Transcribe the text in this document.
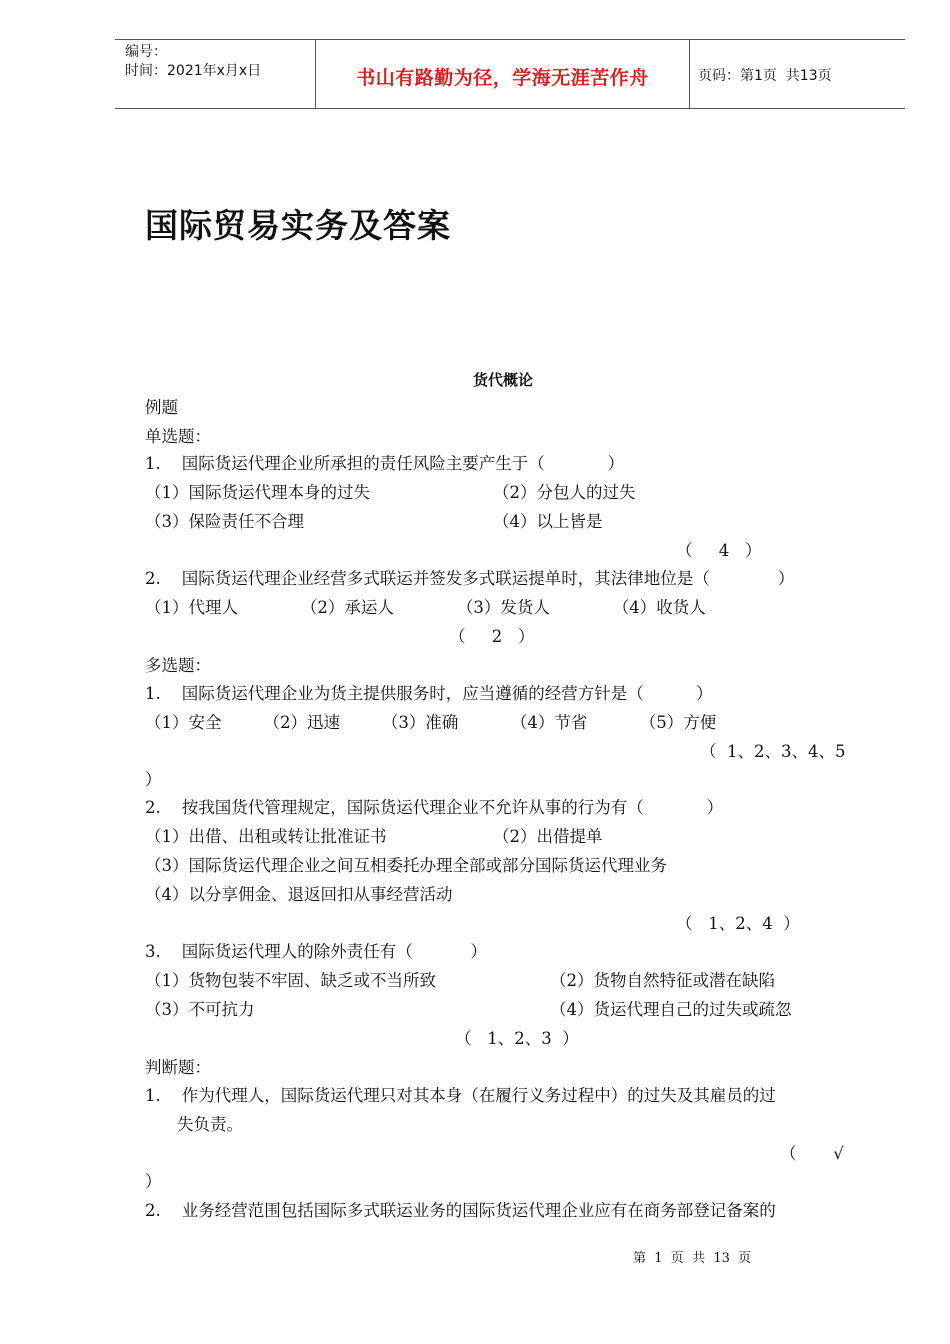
编号：
时间：2021年x月x日	书山有路勤为径，学海无涯苦作舟	页码：第1页  共13页
国际贸易实务及答案
货代概论
例题
单选题：
1.    国际货运代理企业所承担的责任风险主要产生于（            ）
（1）国际货运代理本身的过失	（2）分包人的过失
（3）保险责任不合理	（4）以上皆是
（     4   ）
2.    国际货运代理企业经营多式联运并签发多式联运提单时，其法律地位是（             ）
（1）代理人            （2）承运人            （3）发货人            （4）收货人
（     2   ）
多选题：
1.    国际货运代理企业为货主提供服务时，应当遵循的经营方针是（          ）
（1）安全        （2）迅速        （3）准确          （4）节省          （5）方便
（  1、2、3、4、5
）
2.    按我国货代管理规定，国际货运代理企业不允许从事的行为有（            ）
（1）出借、出租或转让批准证书	（2）出借提单
（3）国际货运代理企业之间互相委托办理全部或部分国际货运代理业务
（4）以分享佣金、退返回扣从事经营活动
（   1、2、4  ）
3.    国际货运代理人的除外责任有（           ）
（1）货物包装不牢固、缺乏或不当所致	（2）货物自然特征或潜在缺陷
（3）不可抗力	（4）货运代理自己的过失或疏忽
（   1、2、3  ）
判断题：
1.    作为代理人，国际货运代理只对其本身（在履行义务过程中）的过失及其雇员的过
失负责。
（       √
）
2.    业务经营范围包括国际多式联运业务的国际货运代理企业应有在商务部登记备案的
第  1  页  共  13  页
